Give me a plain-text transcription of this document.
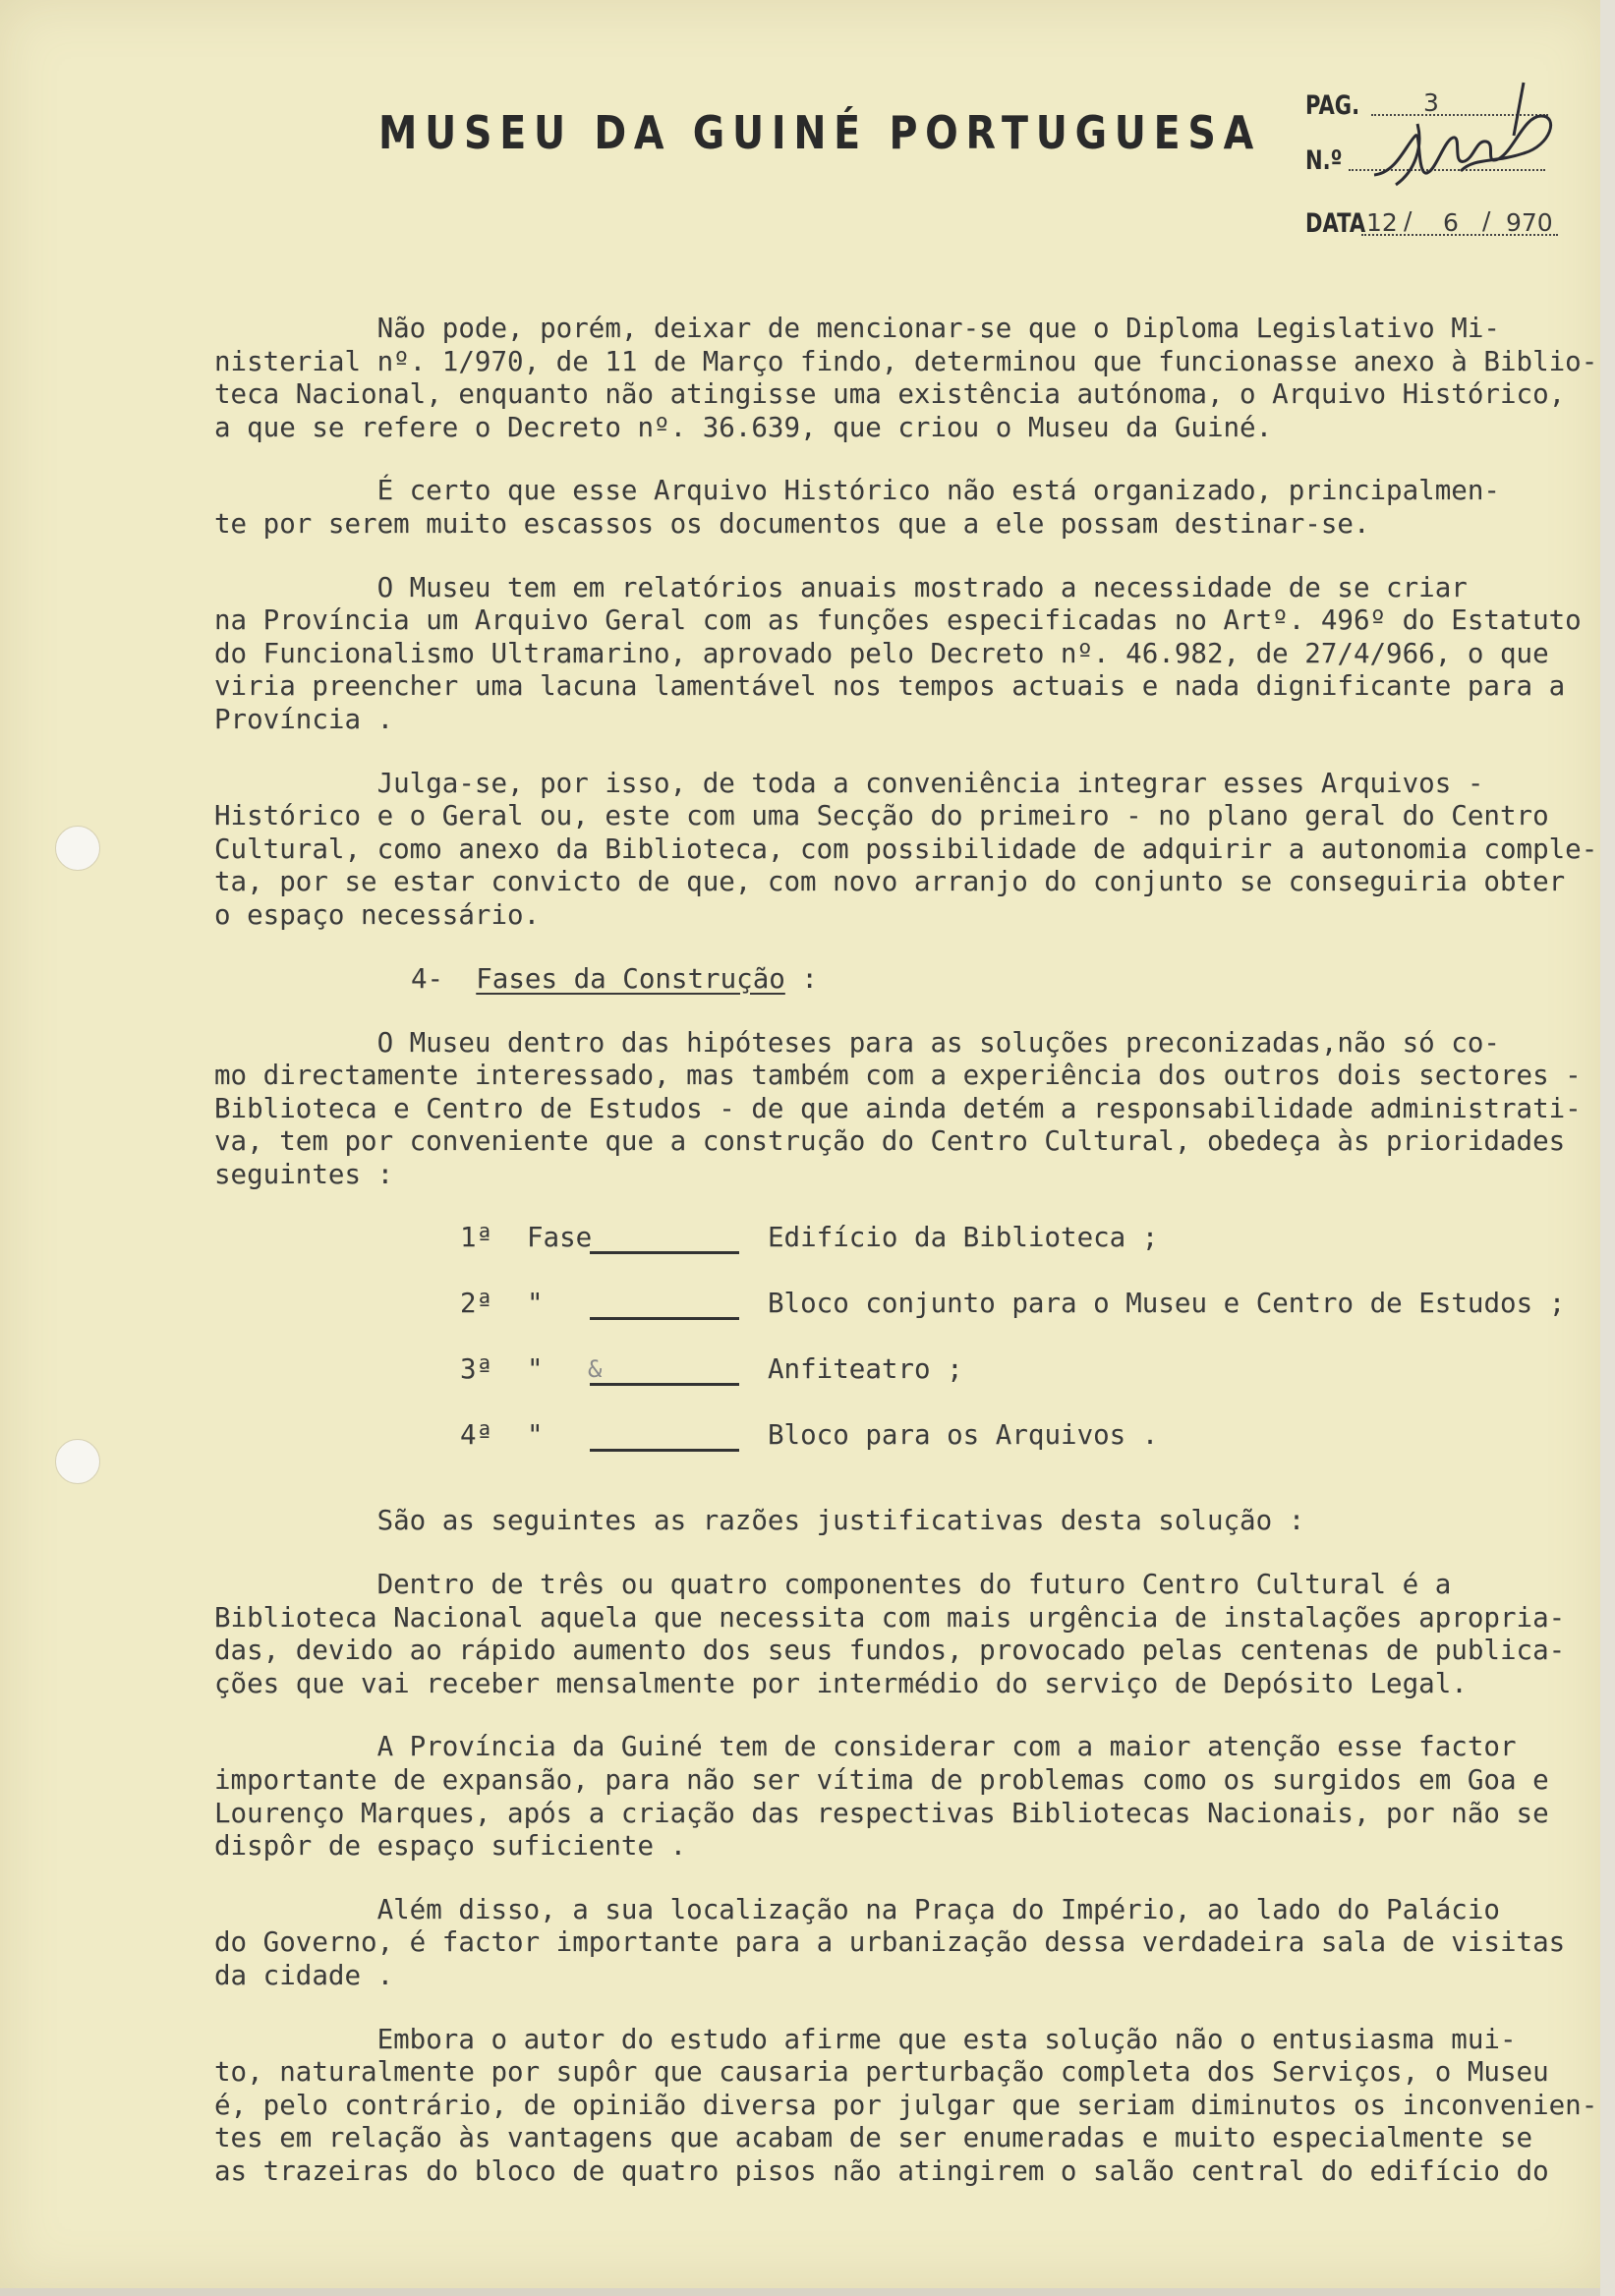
MUSEU DA GUINÉ PORTUGUESA
PAG.	3
N.º
DATA 12 / 6 / 970
Não pode, porém, deixar de mencionar-se que o Diploma Legislativo Mi-
nisterial nº. 1/970, de 11 de Março findo, determinou que funcionasse anexo à Biblio-
teca Nacional, enquanto não atingisse uma existência autónoma, o Arquivo Histórico,
a que se refere o Decreto nº. 36.639, que criou o Museu da Guiné.
É certo que esse Arquivo Histórico não está organizado, principalmen-
te por serem muito escassos os documentos que a ele possam destinar-se.
O Museu tem em relatórios anuais mostrado a necessidade de se criar
na Província um Arquivo Geral com as funções especificadas no Artº. 496º do Estatuto
do Funcionalismo Ultramarino, aprovado pelo Decreto nº. 46.982, de 27/4/966, o que
viria preencher uma lacuna lamentável nos tempos actuais e nada dignificante para a
Província .
Julga-se, por isso, de toda a conveniência integrar esses Arquivos -
Histórico e o Geral ou, este com uma Secção do primeiro - no plano geral do Centro
Cultural, como anexo da Biblioteca, com possibilidade de adquirir a autonomia comple-
ta, por se estar convicto de que, com novo arranjo do conjunto se conseguiria obter
o espaço necessário.
4- Fases da Construção :
O Museu dentro das hipóteses para as soluções preconizadas,não só co-
mo directamente interessado, mas também com a experiência dos outros dois sectores -
Biblioteca e Centro de Estudos - de que ainda detém a responsabilidade administrati-
va, tem por conveniente que a construção do Centro Cultural, obedeça às prioridades
seguintes :
1ª Fase	Edifício da Biblioteca ;
2ª "	Bloco conjunto para o Museu e Centro de Estudos ;
3ª " &	Anfiteatro ;
4ª "	Bloco para os Arquivos .
São as seguintes as razões justificativas desta solução :
Dentro de três ou quatro componentes do futuro Centro Cultural é a
Biblioteca Nacional aquela que necessita com mais urgência de instalações apropria-
das, devido ao rápido aumento dos seus fundos, provocado pelas centenas de publica-
ções que vai receber mensalmente por intermédio do serviço de Depósito Legal.
A Província da Guiné tem de considerar com a maior atenção esse factor
importante de expansão, para não ser vítima de problemas como os surgidos em Goa e
Lourenço Marques, após a criação das respectivas Bibliotecas Nacionais, por não se
dispôr de espaço suficiente .
Além disso, a sua localização na Praça do Império, ao lado do Palácio
do Governo, é factor importante para a urbanização dessa verdadeira sala de visitas
da cidade .
Embora o autor do estudo afirme que esta solução não o entusiasma mui-
to, naturalmente por supôr que causaria perturbação completa dos Serviços, o Museu
é, pelo contrário, de opinião diversa por julgar que seriam diminutos os inconvenien-
tes em relação às vantagens que acabam de ser enumeradas e muito especialmente se
as trazeiras do bloco de quatro pisos não atingirem o salão central do edifício do
